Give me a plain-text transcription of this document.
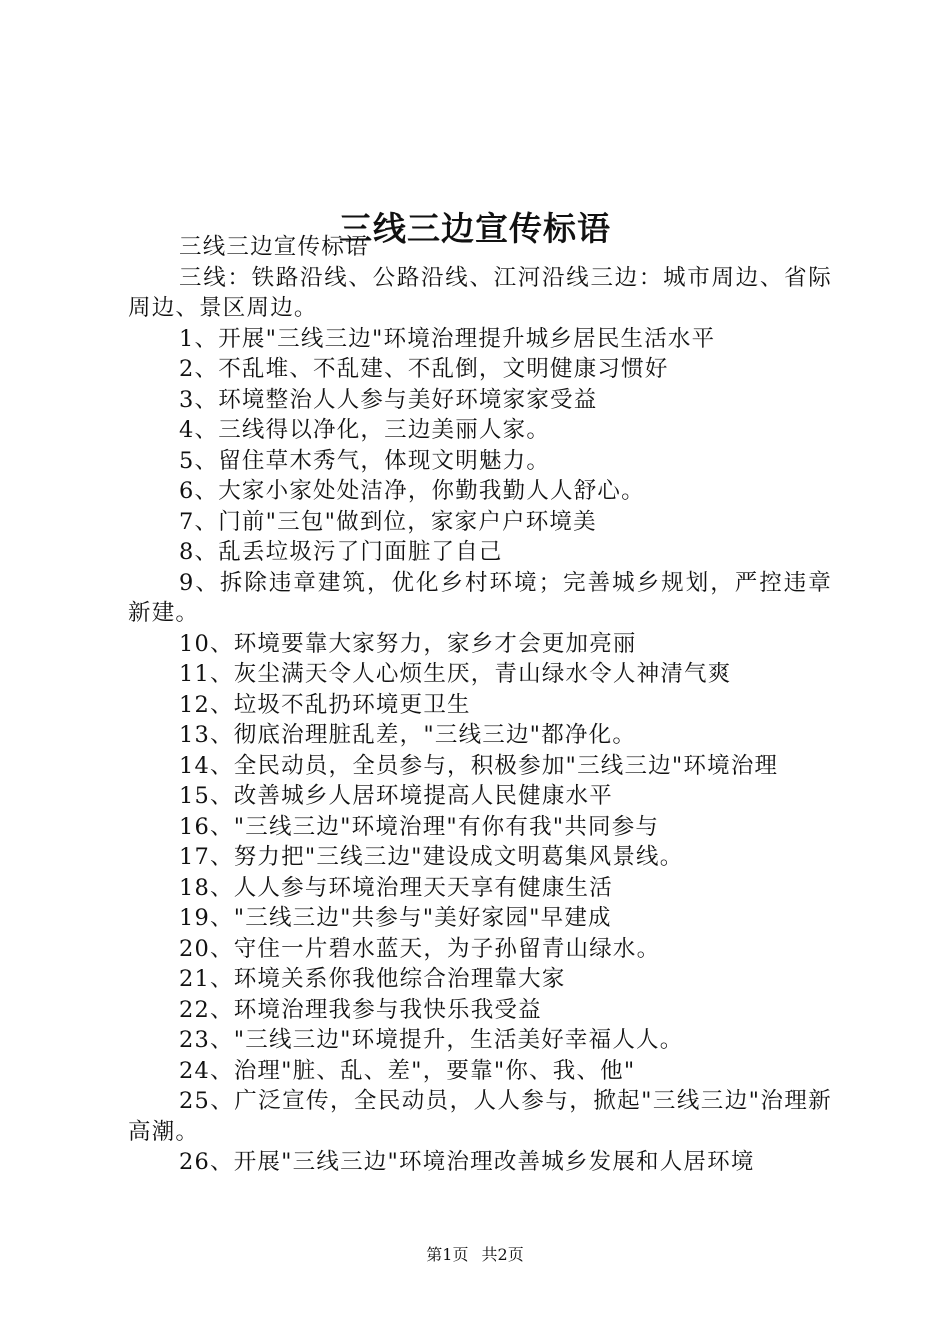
三线三边宣传标语

三线三边宣传标语

三线：铁路沿线、公路沿线、江河沿线三边：城市周边、省际周边、景区周边。

1、开展"三线三边"环境治理提升城乡居民生活水平

2、不乱堆、不乱建、不乱倒，文明健康习惯好

3、环境整治人人参与美好环境家家受益

4、三线得以净化，三边美丽人家。

5、留住草木秀气，体现文明魅力。

6、大家小家处处洁净，你勤我勤人人舒心。

7、门前"三包"做到位，家家户户环境美

8、乱丢垃圾污了门面脏了自己

9、拆除违章建筑，优化乡村环境；完善城乡规划，严控违章新建。

10、环境要靠大家努力，家乡才会更加亮丽

11、灰尘满天令人心烦生厌，青山绿水令人神清气爽

12、垃圾不乱扔环境更卫生

13、彻底治理脏乱差，"三线三边"都净化。

14、全民动员，全员参与，积极参加"三线三边"环境治理

15、改善城乡人居环境提高人民健康水平

16、"三线三边"环境治理"有你有我"共同参与

17、努力把"三线三边"建设成文明葛集风景线。

18、人人参与环境治理天天享有健康生活

19、"三线三边"共参与"美好家园"早建成

20、守住一片碧水蓝天，为子孙留青山绿水。

21、环境关系你我他综合治理靠大家

22、环境治理我参与我快乐我受益

23、"三线三边"环境提升，生活美好幸福人人。

24、治理"脏、乱、差"，要靠"你、我、他"

25、广泛宣传，全民动员，人人参与，掀起"三线三边"治理新高潮。

26、开展"三线三边"环境治理改善城乡发展和人居环境

第1页 共2页
